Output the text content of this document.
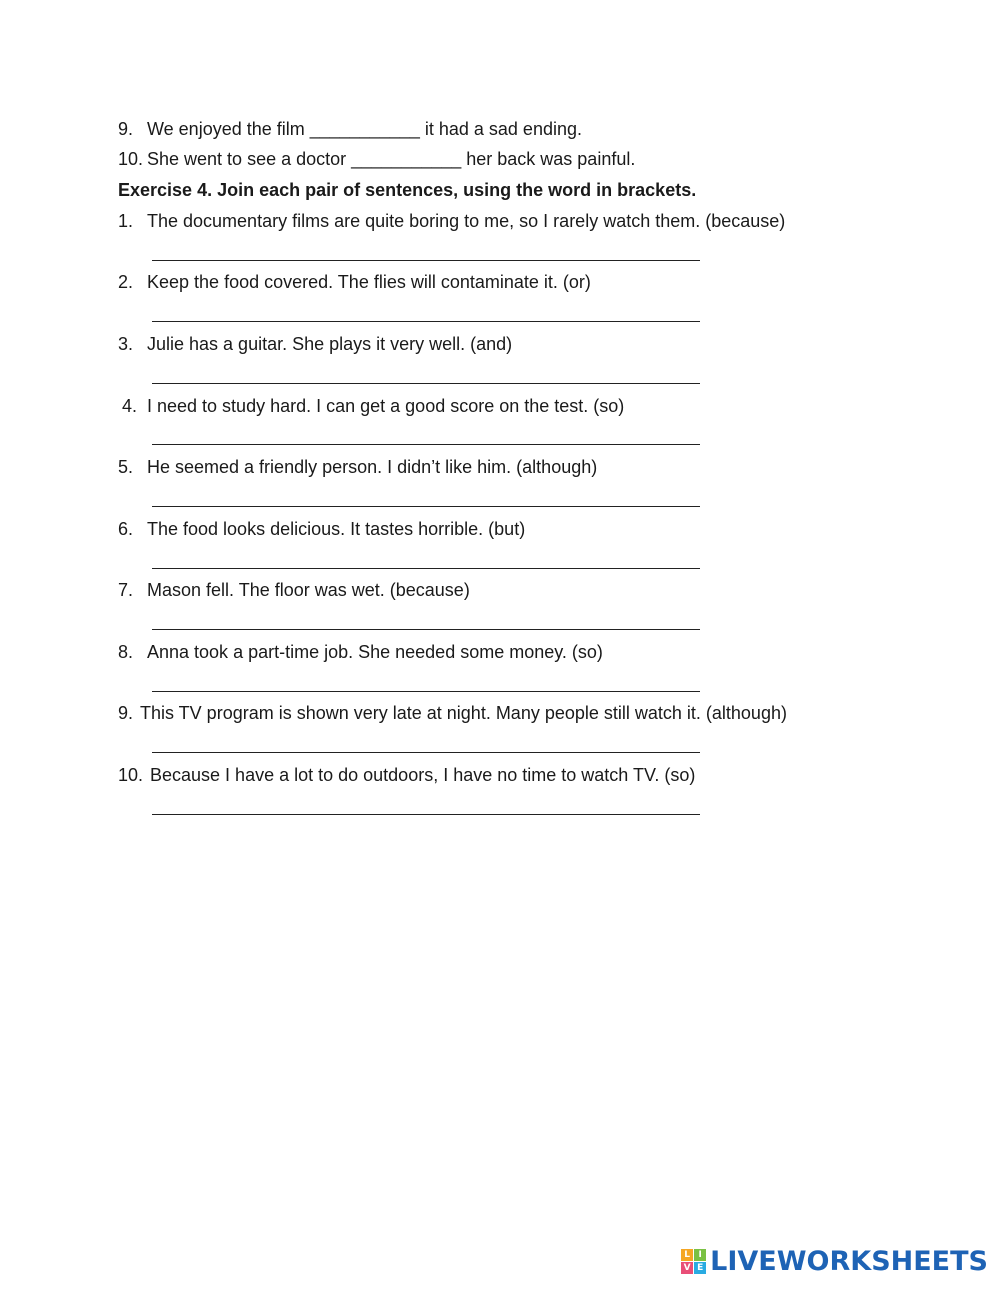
9. We enjoyed the film ___________ it had a sad ending.
10. She went to see a doctor ___________ her back was painful.
Exercise 4. Join each pair of sentences, using the word in brackets.
1. The documentary films are quite boring to me, so I rarely watch them. (because)
2. Keep the food covered. The flies will contaminate it. (or)
3. Julie has a guitar. She plays it very well. (and)
4. I need to study hard. I can get a good score on the test. (so)
5. He seemed a friendly person. I didn’t like him. (although)
6. The food looks delicious. It tastes horrible. (but)
7. Mason fell. The floor was wet. (because)
8. Anna took a part-time job. She needed some money. (so)
9. This TV program is shown very late at night. Many people still watch it. (although)
10. Because I have a lot to do outdoors, I have no time to watch TV. (so)
L I
V E LIVEWORKSHEETS
